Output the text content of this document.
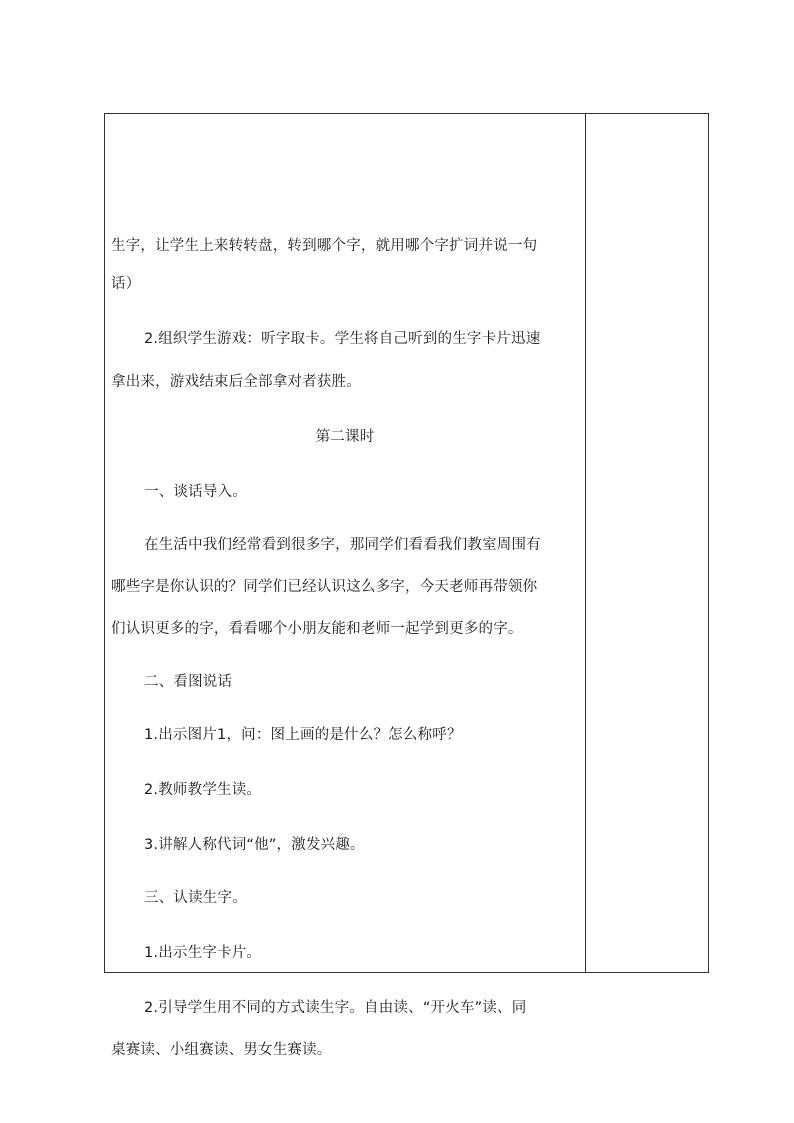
生字，让学生上来转转盘，转到哪个字，就用哪个字扩词并说一句
话）
2.组织学生游戏：听字取卡。学生将自己听到的生字卡片迅速
拿出来，游戏结束后全部拿对者获胜。
第二课时
一、谈话导入。
在生活中我们经常看到很多字，那同学们看看我们教室周围有
哪些字是你认识的？同学们已经认识这么多字，今天老师再带领你
们认识更多的字，看看哪个小朋友能和老师一起学到更多的字。
二、看图说话
1.出示图片1，问：图上画的是什么？怎么称呼？
2.教师教学生读。
3.讲解人称代词“他”，激发兴趣。
三、认读生字。
1.出示生字卡片。
2.引导学生用不同的方式读生字。自由读、“开火车”读、同
桌赛读、小组赛读、男女生赛读。
